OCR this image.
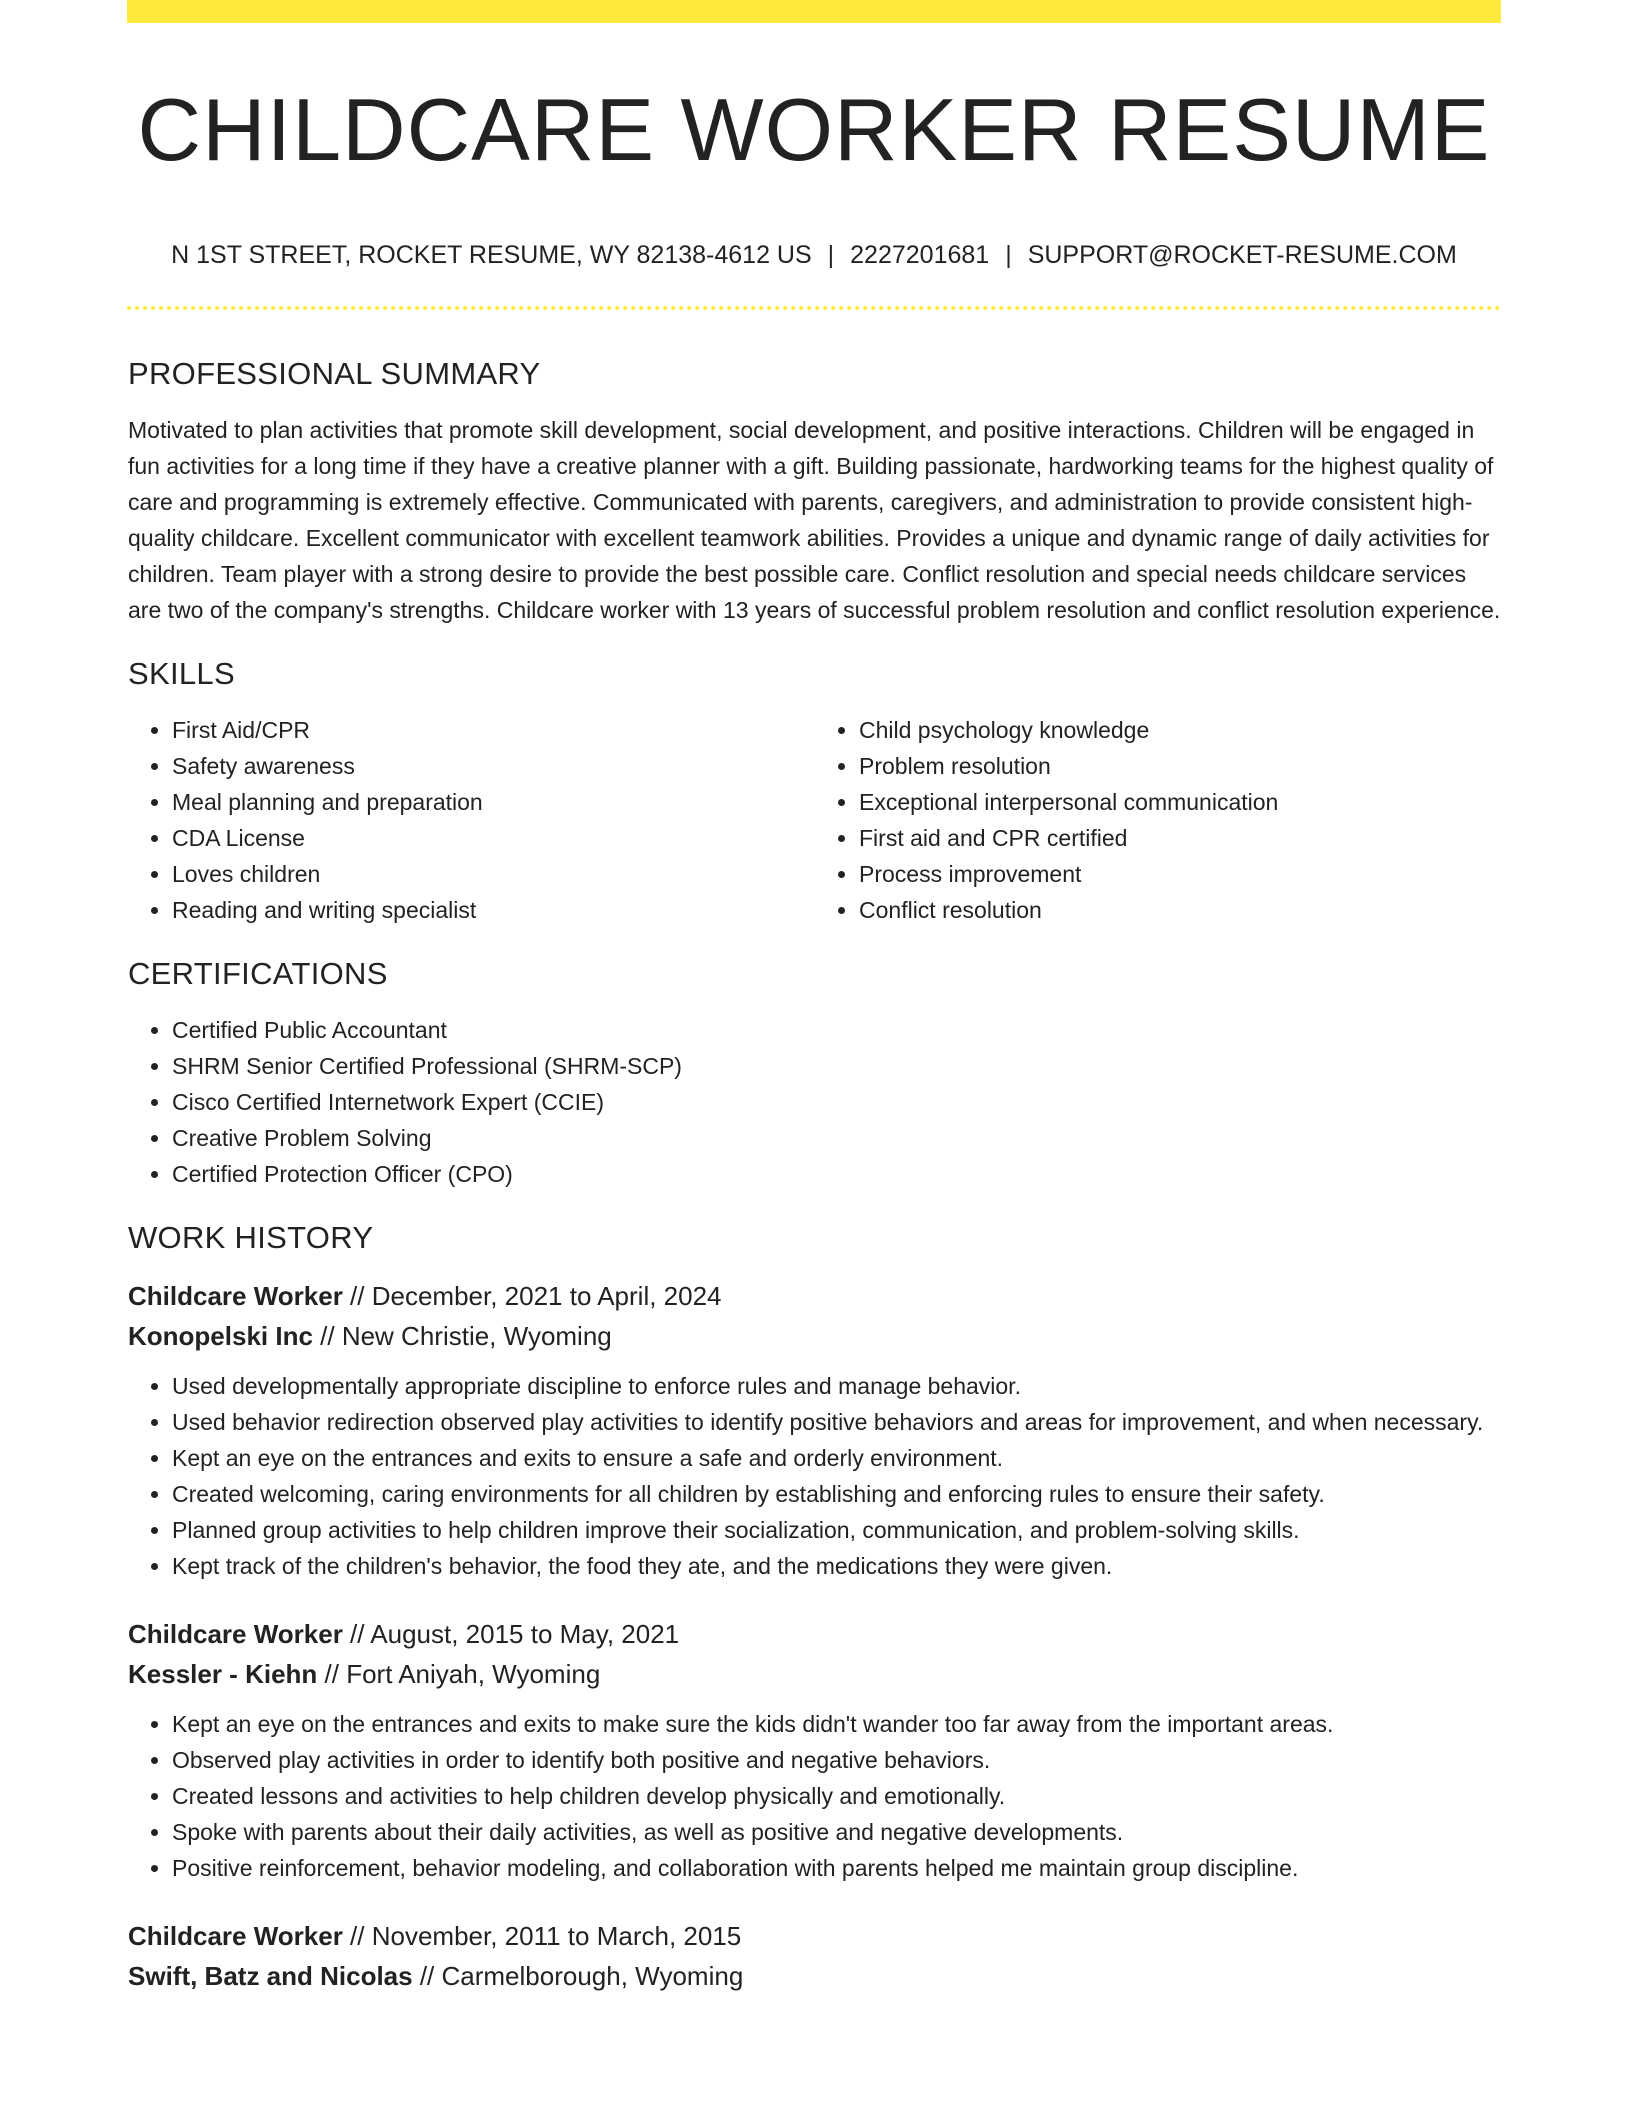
CHILDCARE WORKER RESUME
N 1ST STREET, ROCKET RESUME, WY 82138-4612 US | 2227201681 | SUPPORT@ROCKET-RESUME.COM
PROFESSIONAL SUMMARY

Motivated to plan activities that promote skill development, social development, and positive interactions. Children will be engaged in fun activities for a long time if they have a creative planner with a gift. Building passionate, hardworking teams for the highest quality of care and programming is extremely effective. Communicated with parents, caregivers, and administration to provide consistent high-quality childcare. Excellent communicator with excellent teamwork abilities. Provides a unique and dynamic range of daily activities for children. Team player with a strong desire to provide the best possible care. Conflict resolution and special needs childcare services are two of the company's strengths. Childcare worker with 13 years of successful problem resolution and conflict resolution experience.

SKILLS
• First Aid/CPR
• Safety awareness
• Meal planning and preparation
• CDA License
• Loves children
• Reading and writing specialist
• Child psychology knowledge
• Problem resolution
• Exceptional interpersonal communication
• First aid and CPR certified
• Process improvement
• Conflict resolution
CERTIFICATIONS
• Certified Public Accountant
• SHRM Senior Certified Professional (SHRM-SCP)
• Cisco Certified Internetwork Expert (CCIE)
• Creative Problem Solving
• Certified Protection Officer (CPO)
WORK HISTORY
Childcare Worker // December, 2021 to April, 2024
Konopelski Inc // New Christie, Wyoming
• Used developmentally appropriate discipline to enforce rules and manage behavior.
• Used behavior redirection observed play activities to identify positive behaviors and areas for improvement, and when necessary.
• Kept an eye on the entrances and exits to ensure a safe and orderly environment.
• Created welcoming, caring environments for all children by establishing and enforcing rules to ensure their safety.
• Planned group activities to help children improve their socialization, communication, and problem-solving skills.
• Kept track of the children's behavior, the food they ate, and the medications they were given.
Childcare Worker // August, 2015 to May, 2021
Kessler - Kiehn // Fort Aniyah, Wyoming
• Kept an eye on the entrances and exits to make sure the kids didn't wander too far away from the important areas.
• Observed play activities in order to identify both positive and negative behaviors.
• Created lessons and activities to help children develop physically and emotionally.
• Spoke with parents about their daily activities, as well as positive and negative developments.
• Positive reinforcement, behavior modeling, and collaboration with parents helped me maintain group discipline.
Childcare Worker // November, 2011 to March, 2015
Swift, Batz and Nicolas // Carmelborough, Wyoming
